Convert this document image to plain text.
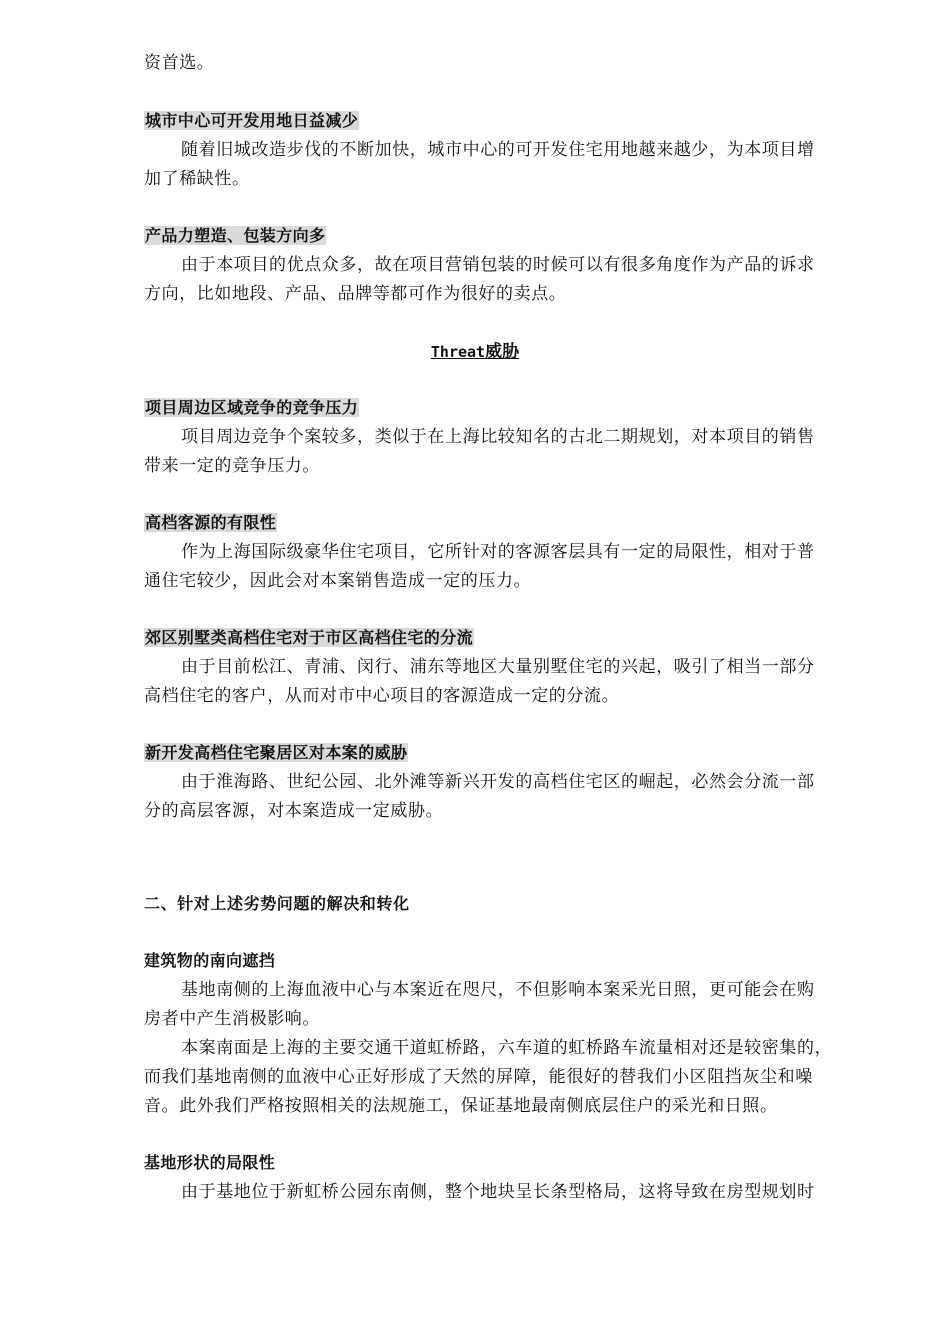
资首选。
城市中心可开发用地日益减少
随着旧城改造步伐的不断加快，城市中心的可开发住宅用地越来越少，为本项目增
加了稀缺性。
产品力塑造、包装方向多
由于本项目的优点众多，故在项目营销包装的时候可以有很多角度作为产品的诉求
方向，比如地段、产品、品牌等都可作为很好的卖点。
Threat威胁
项目周边区域竞争的竞争压力
项目周边竞争个案较多，类似于在上海比较知名的古北二期规划，对本项目的销售
带来一定的竞争压力。
高档客源的有限性
作为上海国际级豪华住宅项目，它所针对的客源客层具有一定的局限性，相对于普
通住宅较少，因此会对本案销售造成一定的压力。
郊区别墅类高档住宅对于市区高档住宅的分流
由于目前松江、青浦、闵行、浦东等地区大量别墅住宅的兴起，吸引了相当一部分
高档住宅的客户，从而对市中心项目的客源造成一定的分流。
新开发高档住宅聚居区对本案的威胁
由于淮海路、世纪公园、北外滩等新兴开发的高档住宅区的崛起，必然会分流一部
分的高层客源，对本案造成一定威胁。
二、针对上述劣势问题的解决和转化
建筑物的南向遮挡
基地南侧的上海血液中心与本案近在咫尺，不但影响本案采光日照，更可能会在购
房者中产生消极影响。
本案南面是上海的主要交通干道虹桥路，六车道的虹桥路车流量相对还是较密集的，
而我们基地南侧的血液中心正好形成了天然的屏障，能很好的替我们小区阻挡灰尘和噪
音。此外我们严格按照相关的法规施工，保证基地最南侧底层住户的采光和日照。
基地形状的局限性
由于基地位于新虹桥公园东南侧，整个地块呈长条型格局，这将导致在房型规划时
